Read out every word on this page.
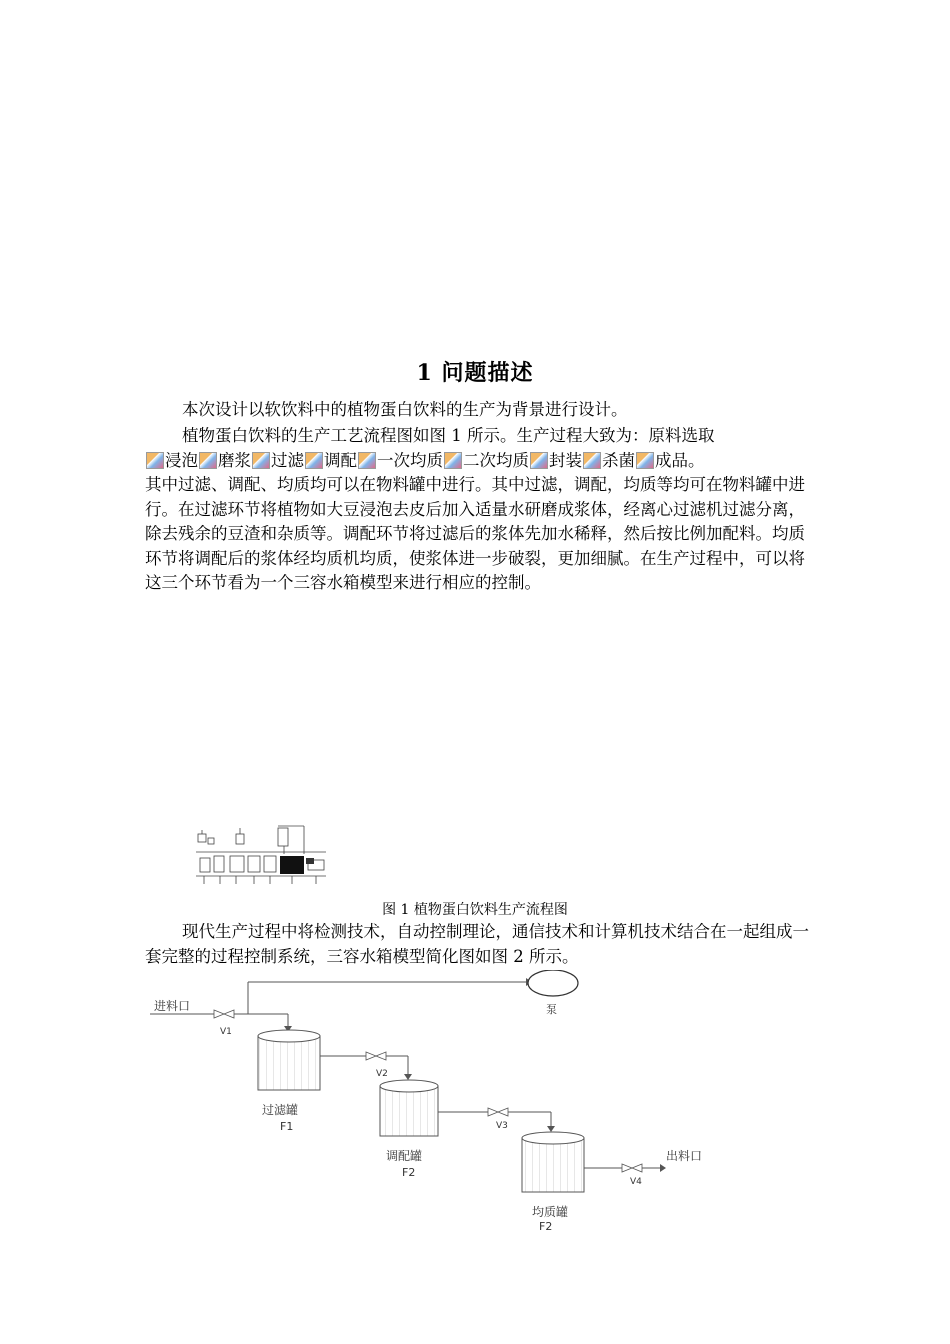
1 问题描述
本次设计以软饮料中的植物蛋白饮料的生产为背景进行设计。
植物蛋白饮料的生产工艺流程图如图 1 所示。生产过程大致为：原料选取
浸泡 磨浆 过滤 调配 一次均质 二次均质 封装 杀菌 成品。
其中过滤、调配、均质均可以在物料罐中进行。其中过滤，调配，均质等均可在物料罐中进行。在过滤环节将植物如大豆浸泡去皮后加入适量水研磨成浆体，经离心过滤机过滤分离，除去残余的豆渣和杂质等。调配环节将过滤后的浆体先加水稀释，然后按比例加配料。均质环节将调配后的浆体经均质机均质，使浆体进一步破裂，更加细腻。在生产过程中，可以将这三个环节看为一个三容水箱模型来进行相应的控制。
图 1 植物蛋白饮料生产流程图
现代生产过程中将检测技术，自动控制理论，通信技术和计算机技术结合在一起组成一套完整的过程控制系统，三容水箱模型简化图如图 2 所示。
进料口	泵
V1
过滤罐
F1
V2
调配罐
F2
V3
均质罐
F2
V4
出料口
